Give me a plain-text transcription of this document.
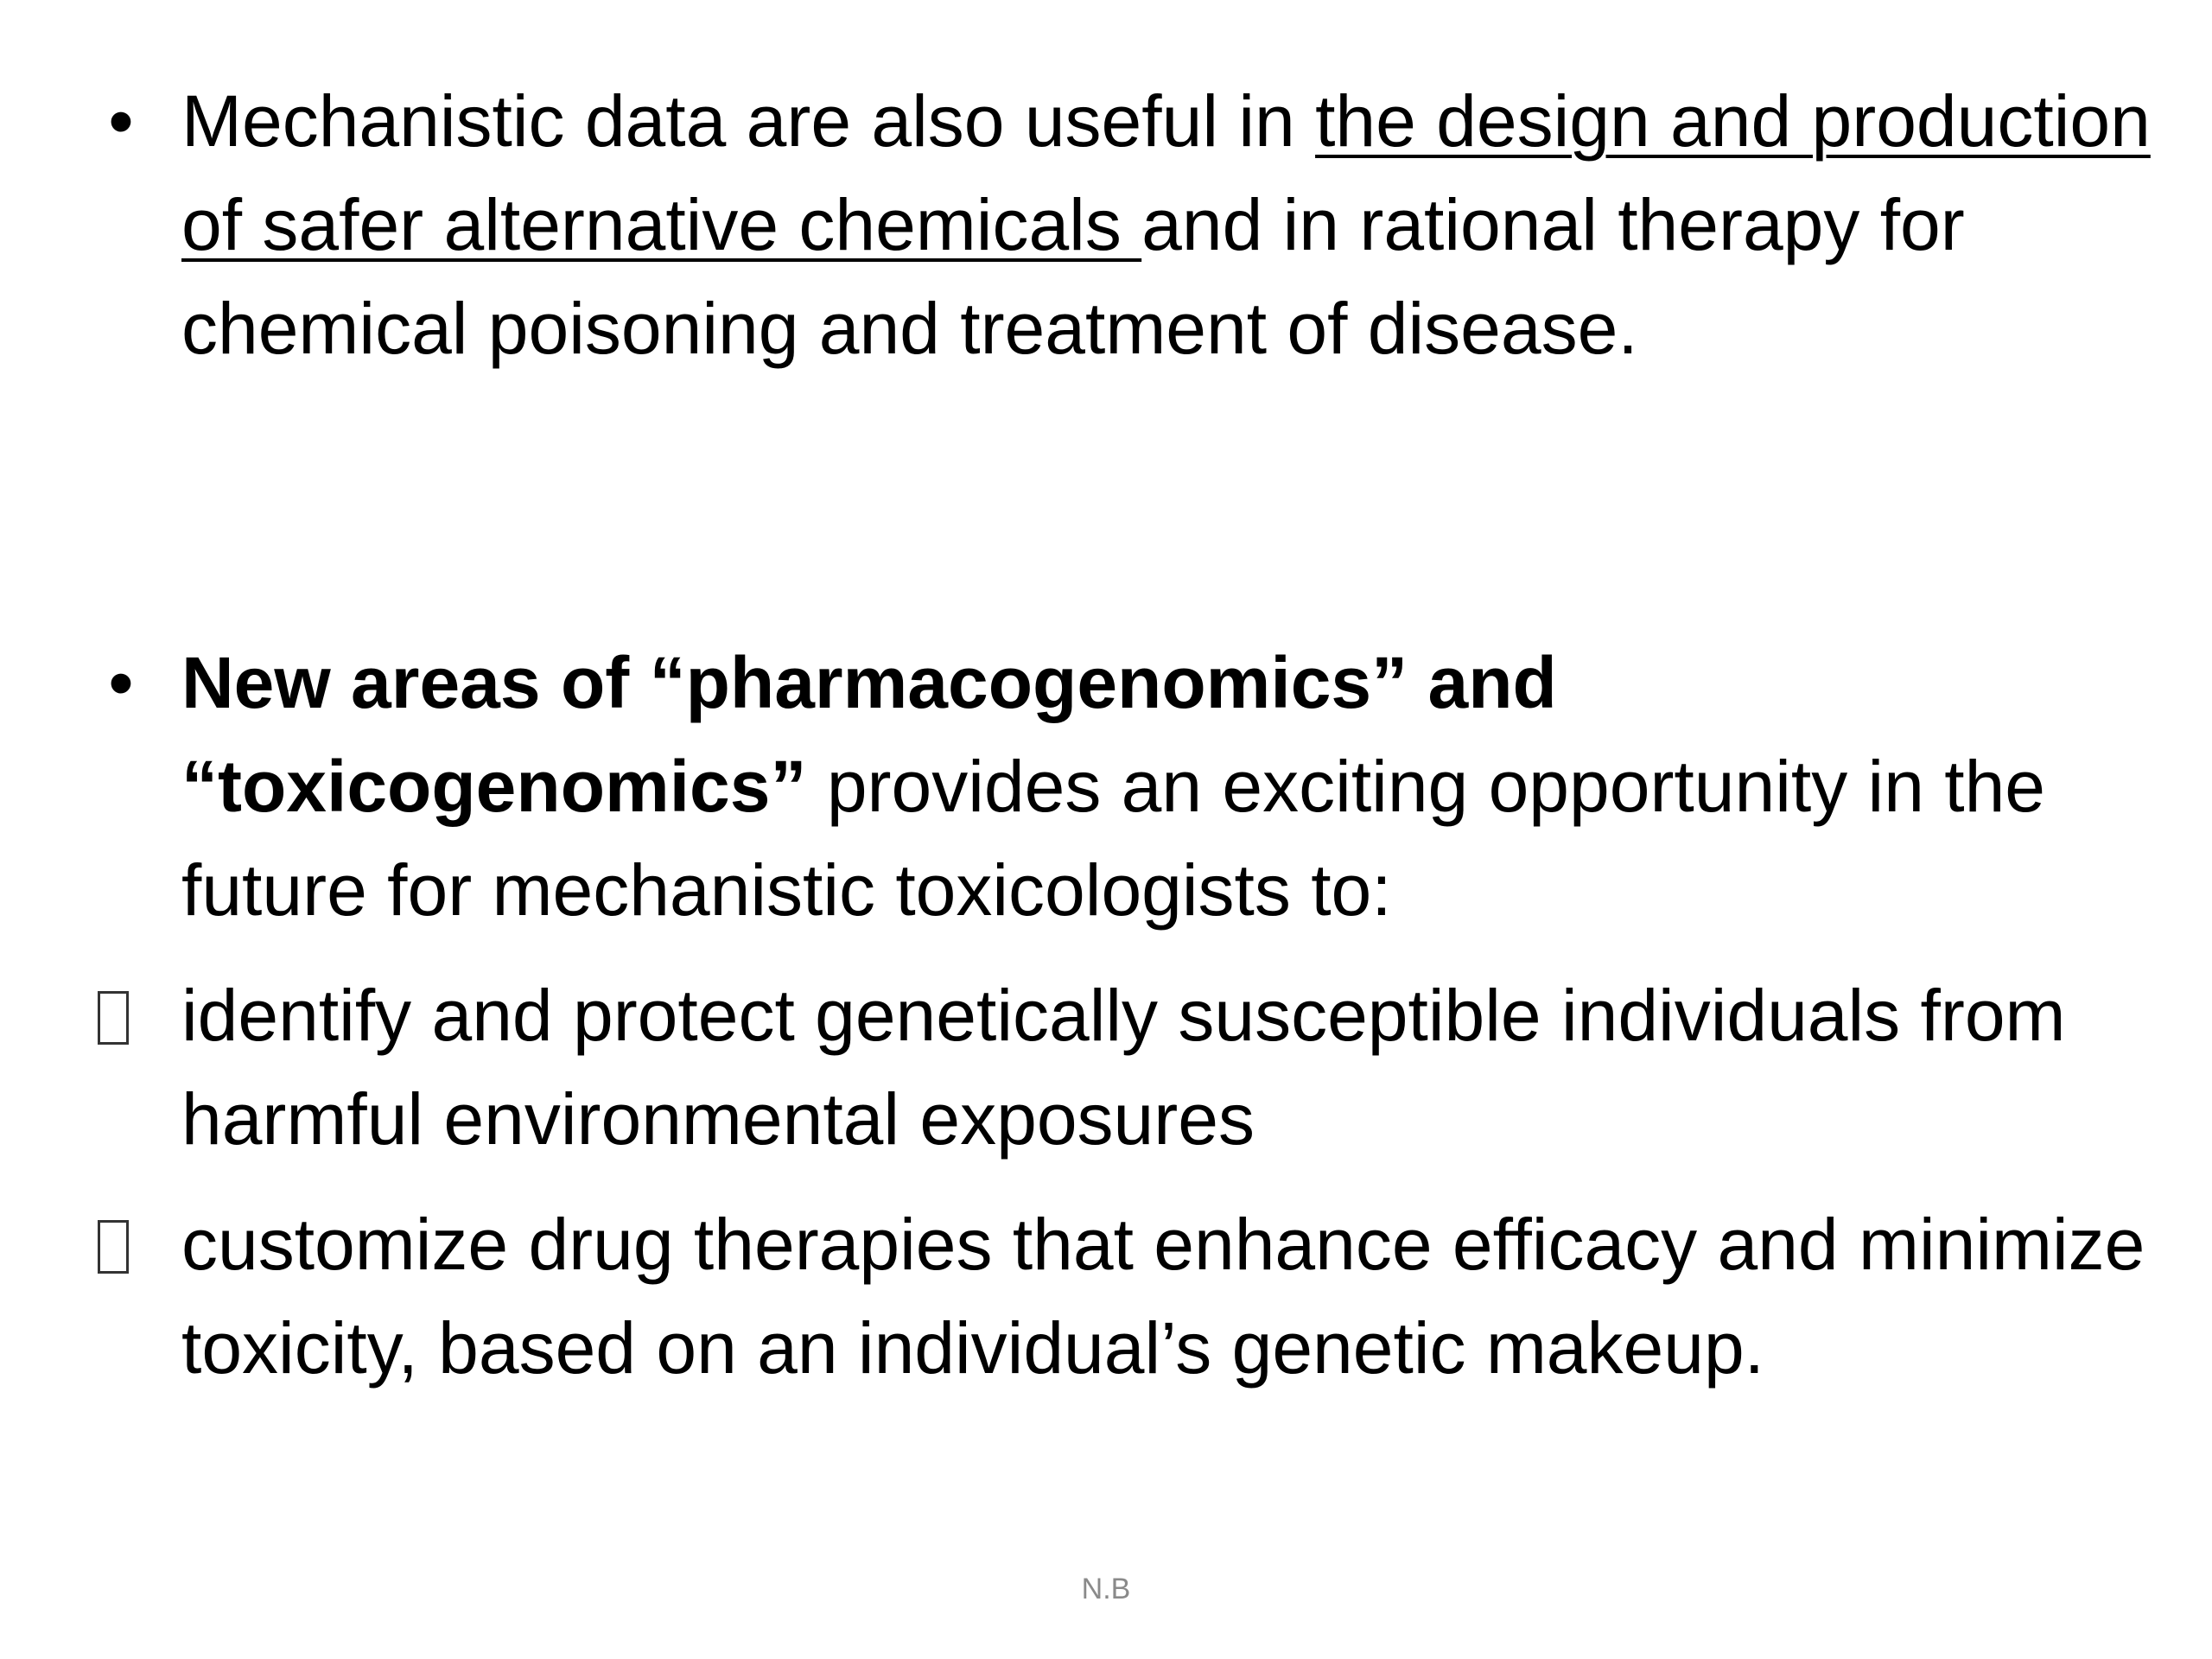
• Mechanistic data are also useful in the design and production of safer alternative chemicals and in rational therapy for chemical poisoning and treatment of disease.

• New areas of “pharmacogenomics” and “toxicogenomics” provides an exciting opportunity in the future for mechanistic toxicologists to:

identify and protect genetically susceptible individuals from harmful environmental exposures

customize drug therapies that enhance efficacy and minimize toxicity, based on an individual’s genetic makeup.

N.B
